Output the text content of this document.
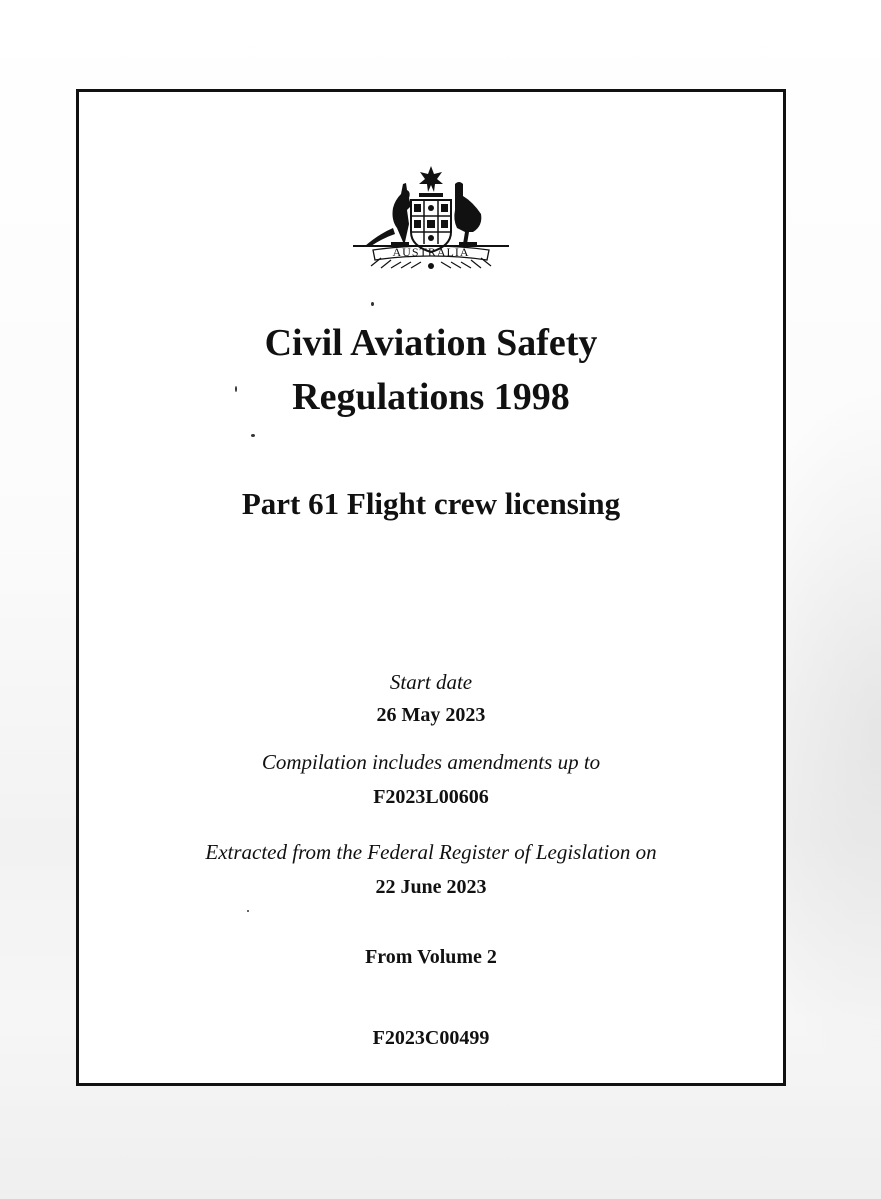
AUSTRALIA
Civil Aviation Safety
Regulations 1998
Part 61 Flight crew licensing
Start date
26 May 2023
Compilation includes amendments up to
F2023L00606
Extracted from the Federal Register of Legislation on
22 June 2023
From Volume 2
F2023C00499
